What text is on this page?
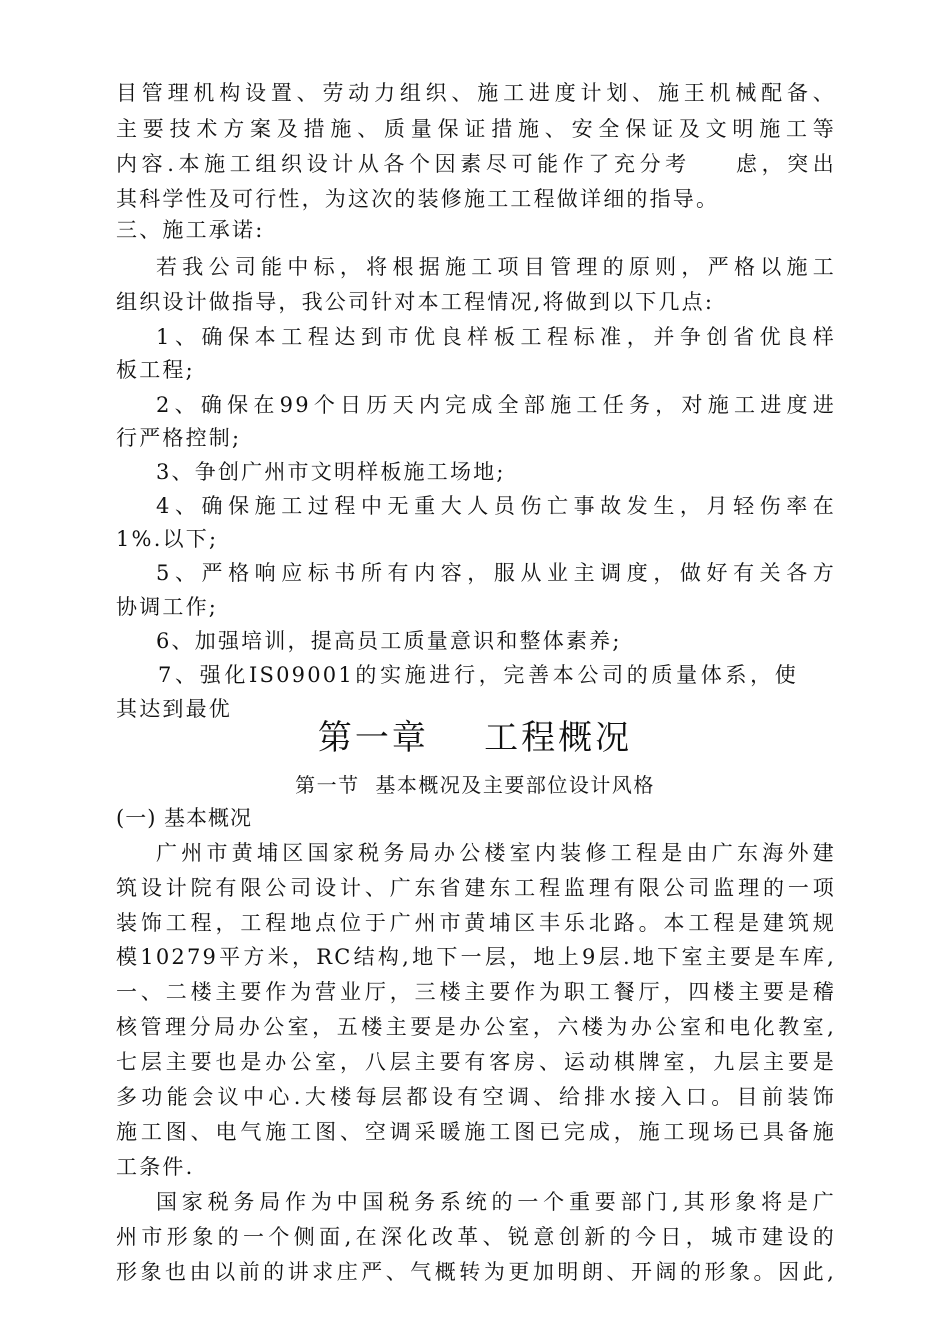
目管理机构设置、劳动力组织、施工进度计划、施王机械配备、
主要技术方案及措施、质量保证措施、安全保证及文明施工等
内容.本施工组织设计从各个因素尽可能作了充分考    虑，突出
其科学性及可行性，为这次的装修施工工程做详细的指导。
三、施工承诺:
若我公司能中标，将根据施工项目管理的原则，严格以施工
组织设计做指导，我公司针对本工程情况,将做到以下几点:
1、确保本工程达到市优良样板工程标准，并争创省优良样
板工程;
2、确保在99个日历天内完成全部施工任务，对施工进度进
行严格控制;
3、争创广州市文明样板施工场地;
4、确保施工过程中无重大人员伤亡事故发生，月轻伤率在
1%.以下;
5、严格响应标书所有内容，服从业主调度，做好有关各方
协调工作;
6、加强培训，提高员工质量意识和整体素养;
7、强化IS09001的实施进行，完善本公司的质量体系，使
其达到最优
第一章    工程概况
第一节  基本概况及主要部位设计风格
(一) 基本概况
广州市黄埔区国家税务局办公楼室内装修工程是由广东海外建
筑设计院有限公司设计、广东省建东工程监理有限公司监理的一项
装饰工程，工程地点位于广州市黄埔区丰乐北路。本工程是建筑规
模10279平方米，RC结构,地下一层，地上9层.地下室主要是车库,
一、二楼主要作为营业厅，三楼主要作为职工餐厅，四楼主要是稽
核管理分局办公室，五楼主要是办公室，六楼为办公室和电化教室,
七层主要也是办公室，八层主要有客房、运动棋牌室，九层主要是
多功能会议中心.大楼每层都设有空调、给排水接入口。目前装饰
施工图、电气施工图、空调采暖施工图已完成，施工现场已具备施
工条件.
国家税务局作为中国税务系统的一个重要部门,其形象将是广
州市形象的一个侧面,在深化改革、锐意创新的今日，城市建设的
形象也由以前的讲求庄严、气概转为更加明朗、开阔的形象。因此,
